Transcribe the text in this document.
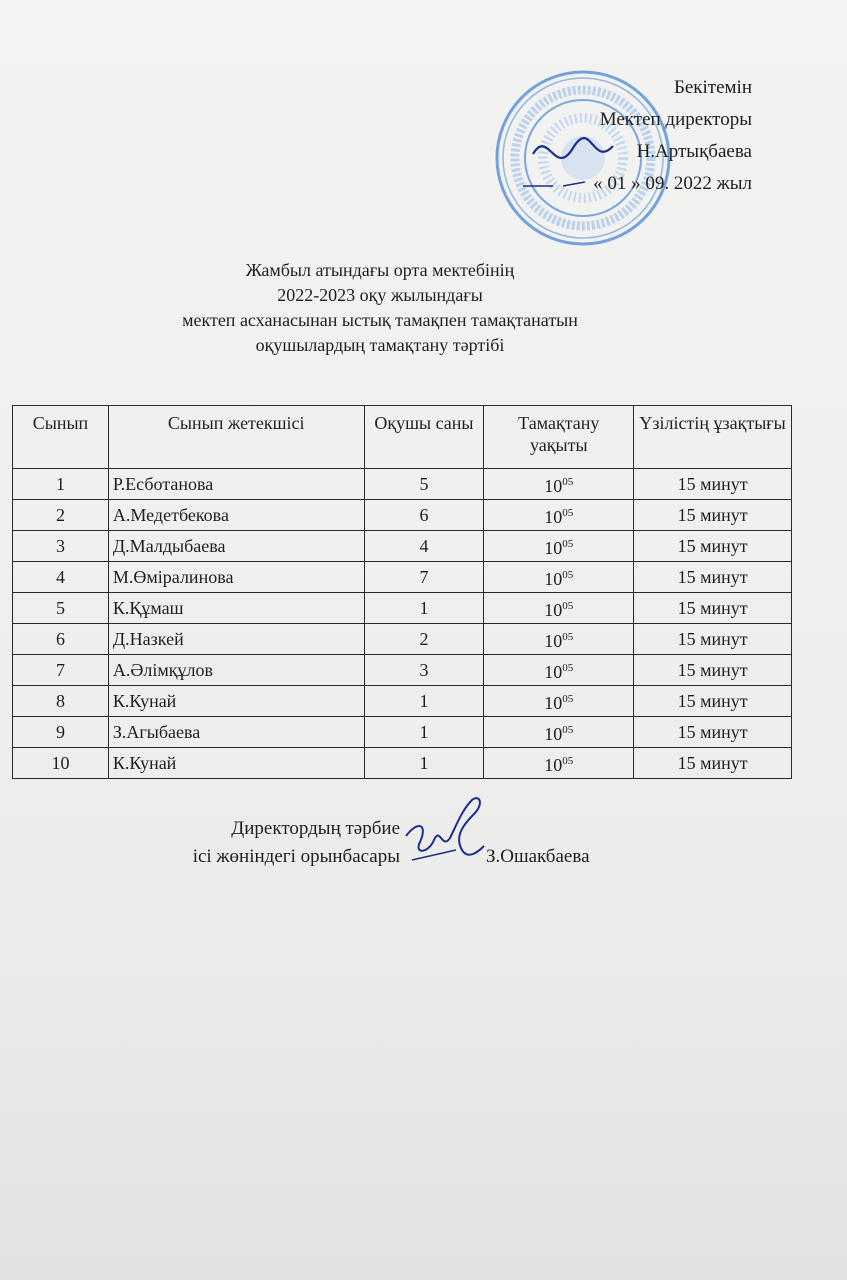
Бекітемін
Мектеп директоры
Н.Артықбаева
« 01 » 09. 2022 жыл
Жамбыл атындағы орта мектебінің
2022-2023 оқу жылындағы
мектеп асханасынан ыстық тамақпен тамақтанатын
оқушылардың тамақтану тәртібі
Сынып	Сынып жетекшісі	Оқушы саны	Тамақтану уақыты	Үзілістің ұзақтығы
1	Р.Есботанова	5	$10^{05}$	15 минут
2	А.Медетбекова	6	$10^{05}$	15 минут
3	Д.Малдыбаева	4	$10^{05}$	15 минут
4	М.Өміралинова	7	$10^{05}$	15 минут
5	К.Құмаш	1	$10^{05}$	15 минут
6	Д.Назкей	2	$10^{05}$	15 минут
7	А.Әлімқұлов	3	$10^{05}$	15 минут
8	К.Кунай	1	$10^{05}$	15 минут
9	З.Агыбаева	1	$10^{05}$	15 минут
10	К.Кунай	1	$10^{05}$	15 минут
Директордың тәрбие
ісі жөніндегі орынбасары	З.Ошакбаева
